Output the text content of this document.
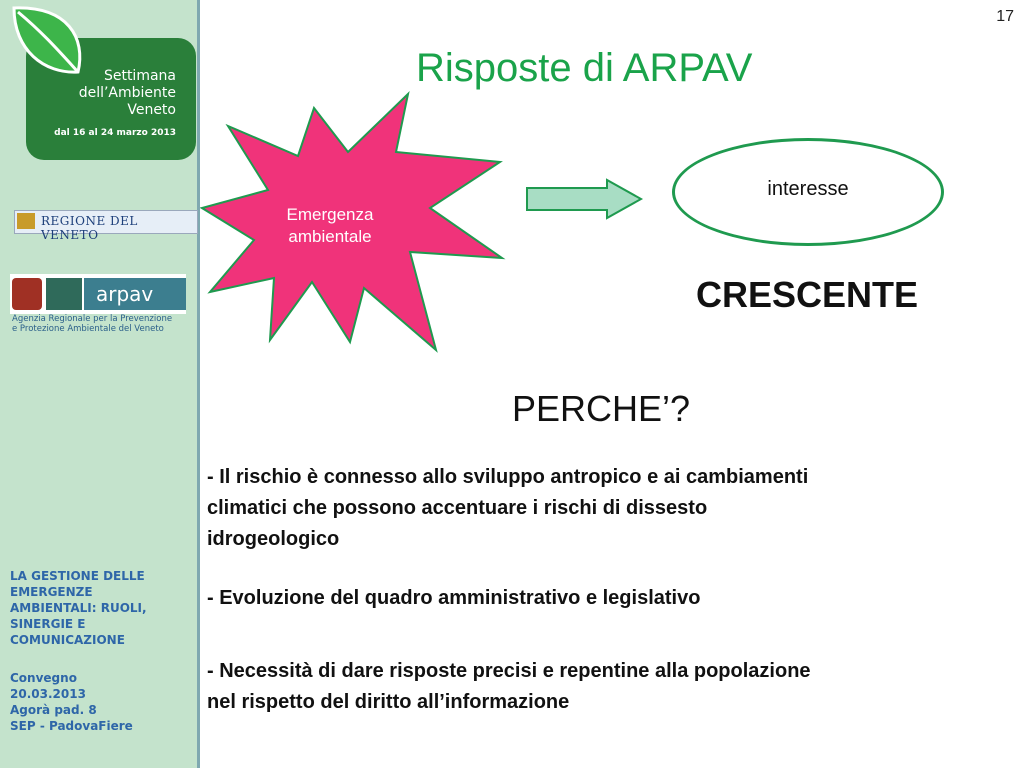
Settimana
dell’Ambiente
Veneto
dal 16 al 24 marzo 2013
REGIONE DEL VENETO
arpav
Agenzia Regionale per la Prevenzione
e Protezione Ambientale del Veneto
LA GESTIONE DELLE
EMERGENZE
AMBIENTALI: RUOLI,
SINERGIE E
COMUNICAZIONE
Convegno
20.03.2013
Agorà pad. 8
SEP - PadovaFiere
17
Risposte di ARPAV
Emergenza
ambientale
interesse
CRESCENTE
PERCHE’?
- Il rischio è connesso allo sviluppo antropico e ai cambiamenti
climatici che possono accentuare i rischi di dissesto
idrogeologico
- Evoluzione del quadro amministrativo e legislativo
- Necessità di dare risposte precisi e repentine alla popolazione
nel rispetto del diritto all’informazione
